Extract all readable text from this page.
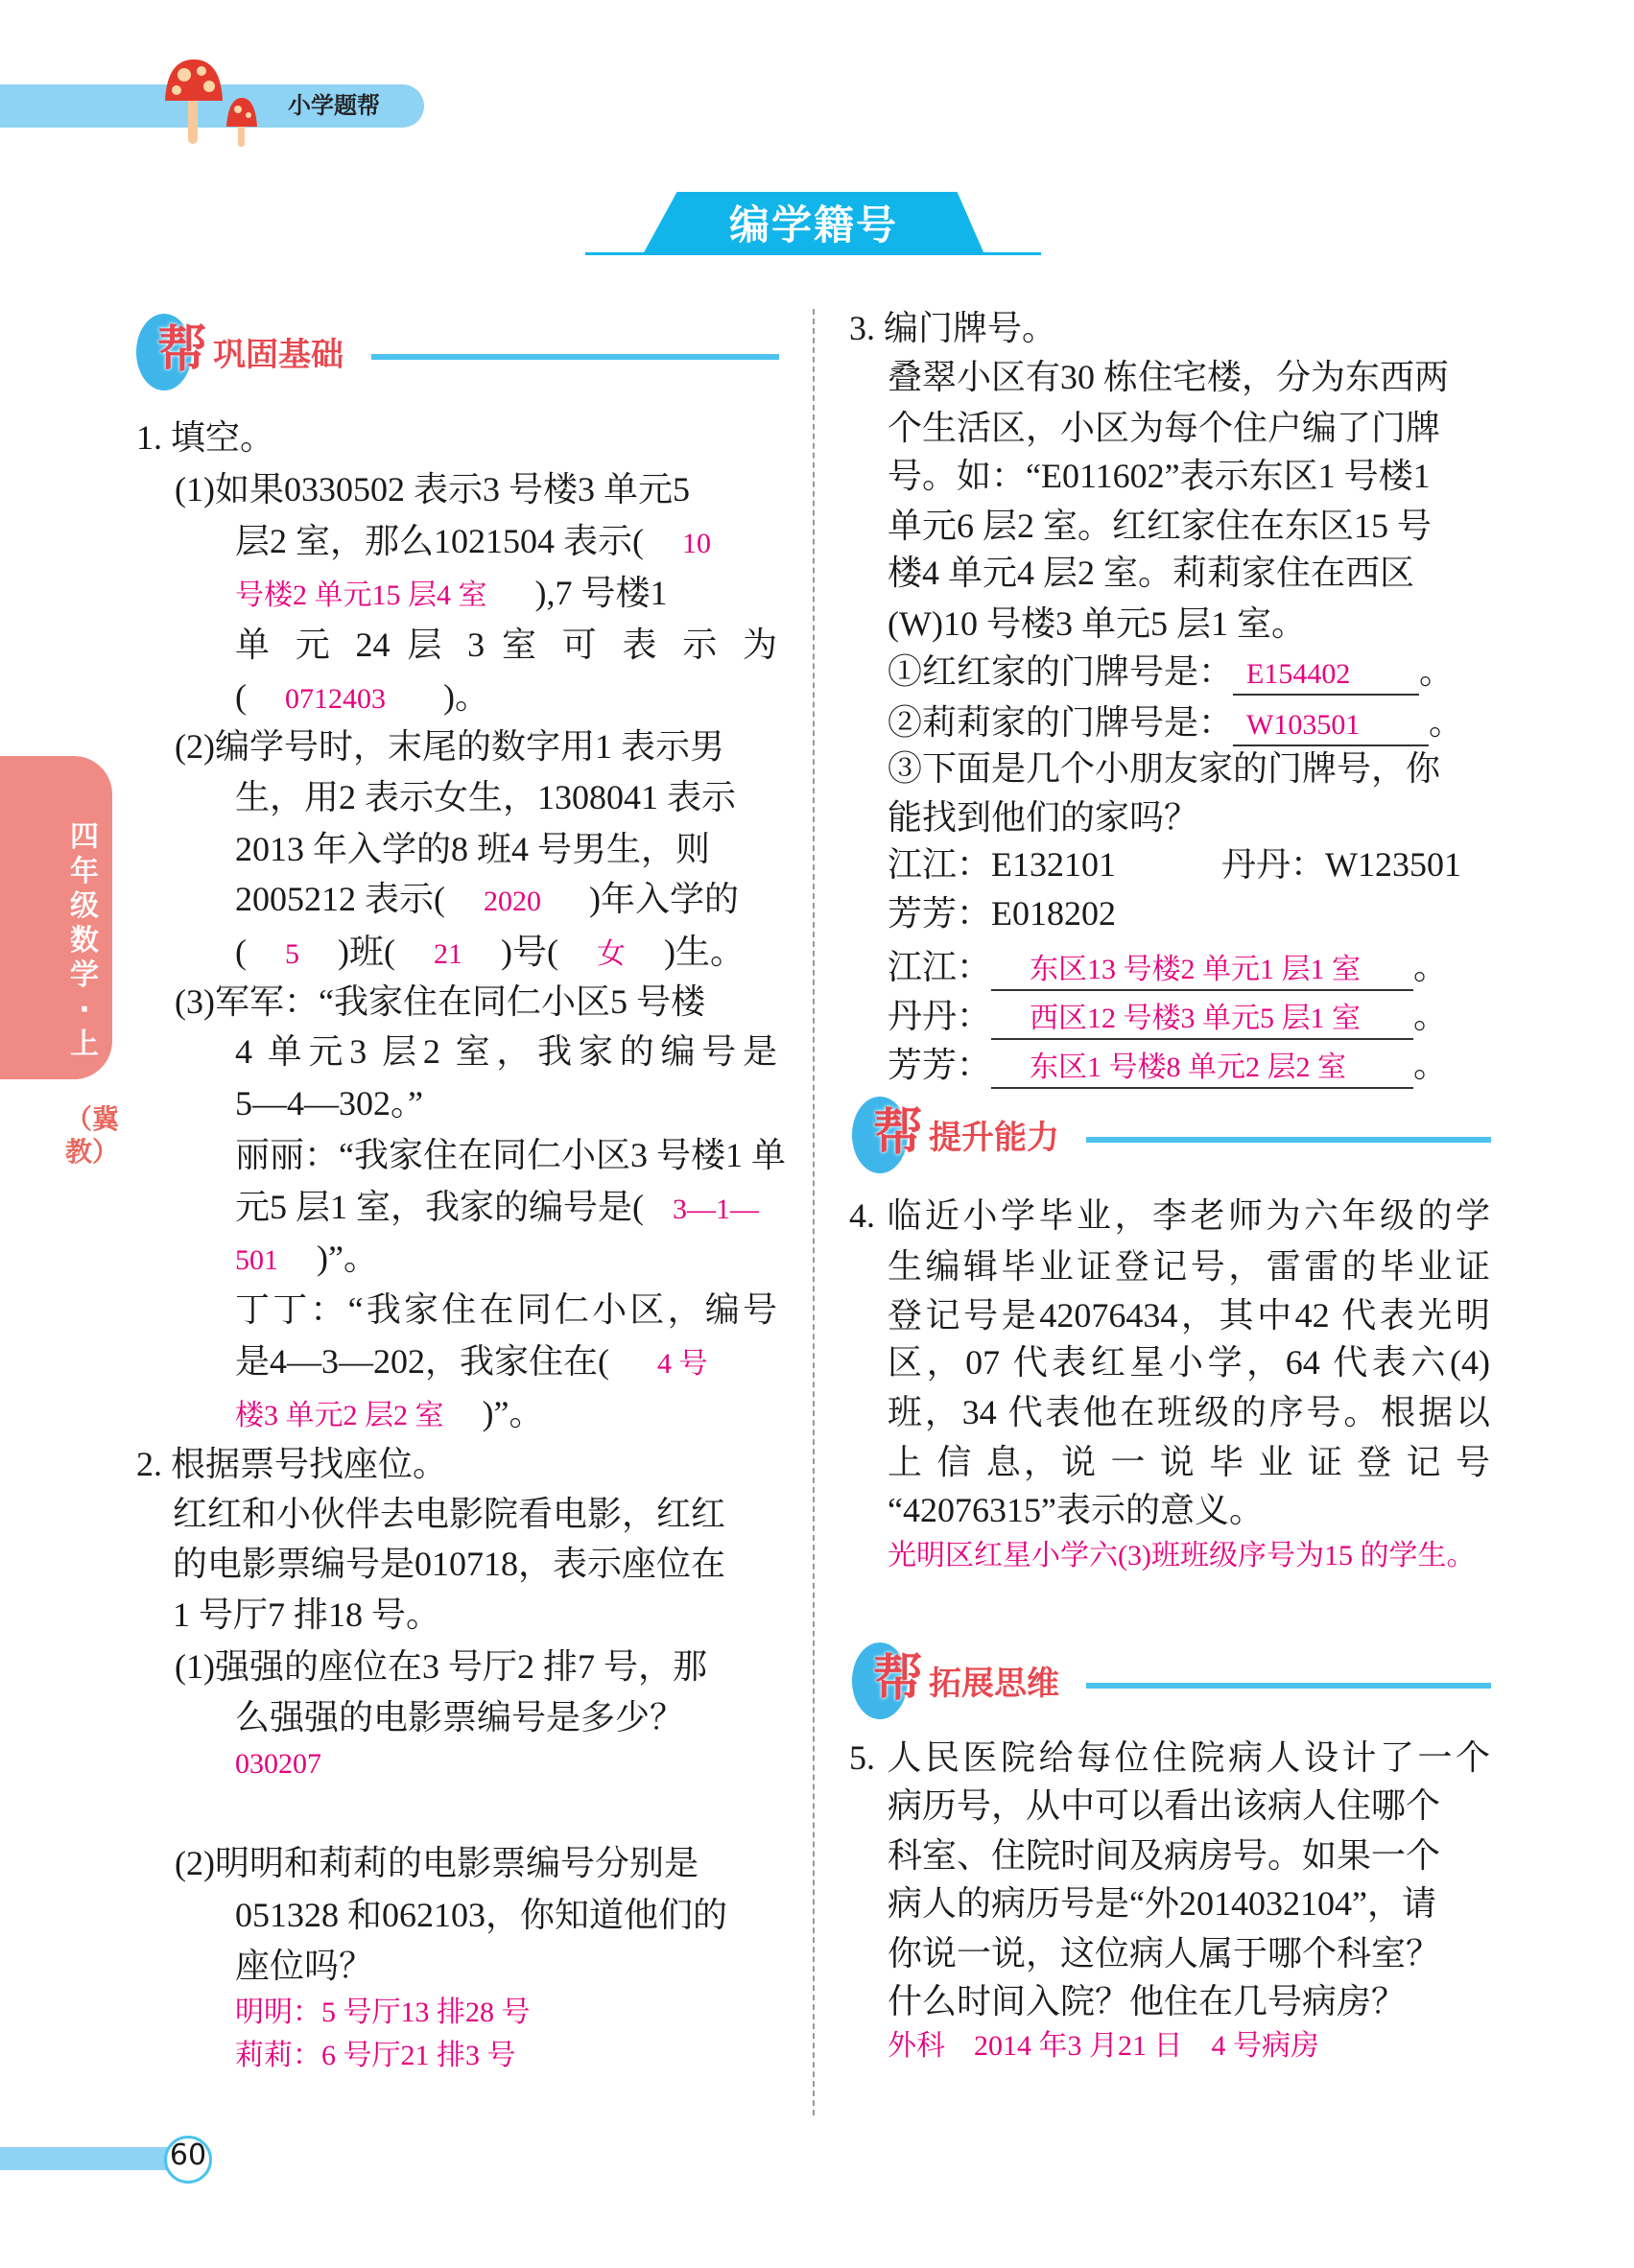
小学题帮
编学籍号
四年级数学·上
（冀教）
帮 巩固基础
1. 填空。
(1)如果0330502 表示3 号楼3 单元5
层2 室，那么1021504 表示( 10
号楼2 单元15 层4 室 ),7 号楼1
单 元 24 层 3 室 可 表 示 为
( 0712403 )。
(2)编学号时，末尾的数字用1 表示男
生，用2 表示女生，1308041 表示
2013 年入学的8 班4 号男生，则
2005212 表示( 2020 )年入学的
( 5 )班( 21 )号( 女 )生。
(3)军军：“我家住在同仁小区5 号楼
4 单元3 层2 室，我家的编号是
5—4—302。”
丽丽：“我家住在同仁小区3 号楼1 单
元5 层1 室，我家的编号是( 3—1—
501 )”。
丁丁：“我家住在同仁小区，编号
是4—3—202，我家住在( 4 号
楼3 单元2 层2 室 )”。
2. 根据票号找座位。
红红和小伙伴去电影院看电影，红红
的电影票编号是010718，表示座位在
1 号厅7 排18 号。
(1)强强的座位在3 号厅2 排7 号，那
么强强的电影票编号是多少？
030207
(2)明明和莉莉的电影票编号分别是
051328 和062103，你知道他们的
座位吗？
明明：5 号厅13 排28 号
莉莉：6 号厅21 排3 号
3. 编门牌号。
叠翠小区有30 栋住宅楼，分为东西两
个生活区，小区为每个住户编了门牌
号。如：“E011602”表示东区1 号楼1
单元6 层2 室。红红家住在东区15 号
楼4 单元4 层2 室。莉莉家住在西区
(W)10 号楼3 单元5 层1 室。
①红红家的门牌号是： E154402 。
②莉莉家的门牌号是： W103501 。
③下面是几个小朋友家的门牌号，你
能找到他们的家吗？
江江：E132101	丹丹：W123501
芳芳：E018202
江江： 东区13 号楼2 单元1 层1 室 。
丹丹： 西区12 号楼3 单元5 层1 室 。
芳芳： 东区1 号楼8 单元2 层2 室 。
帮 提升能力
4. 临近小学毕业，李老师为六年级的学
生编辑毕业证登记号，雷雷的毕业证
登记号是42076434，其中42 代表光明
区，07 代表红星小学，64 代表六(4)
班，34 代表他在班级的序号。根据以
上 信 息，说 一 说 毕 业 证 登 记 号
“42076315”表示的意义。
光明区红星小学六(3)班班级序号为15 的学生。
帮 拓展思维
5. 人民医院给每位住院病人设计了一个
病历号，从中可以看出该病人住哪个
科室、住院时间及病房号。如果一个
病人的病历号是“外2014032104”，请
你说一说，这位病人属于哪个科室？
什么时间入院？他住在几号病房？
外科　2014 年3 月21 日　4 号病房
60
